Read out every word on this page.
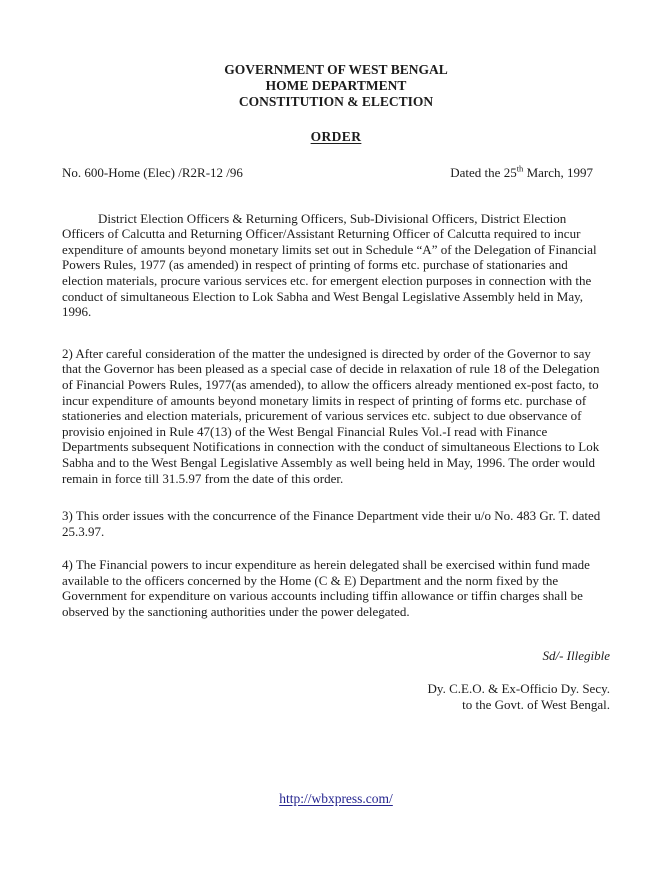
GOVERNMENT OF WEST BENGAL
HOME DEPARTMENT
CONSTITUTION & ELECTION
ORDER
No. 600-Home (Elec) /R2R-12 /96	Dated the 25th March, 1997

District Election Officers & Returning Officers, Sub-Divisional Officers, District Election Officers of Calcutta and Returning Officer/Assistant Returning Officer of Calcutta required to incur expenditure of amounts beyond monetary limits set out in Schedule “A” of the Delegation of Financial Powers Rules, 1977 (as amended) in respect of printing of forms etc. purchase of stationaries and election materials, procure various services etc. for emergent election purposes in connection with the conduct of simultaneous Election to Lok Sabha and West Bengal Legislative Assembly held in May, 1996.

2) After careful consideration of the matter the undesigned is directed by order of the Governor to say that the Governor has been pleased as a special case of decide in relaxation of rule 18 of the Delegation of Financial Powers Rules, 1977(as amended), to allow the officers already mentioned ex-post facto, to incur expenditure of amounts beyond monetary limits in respect of printing of forms etc. purchase of stationeries and election materials, pricurement of various services etc. subject to due observance of provisio enjoined in Rule 47(13) of the West Bengal Financial Rules Vol.-I read with Finance Departments subsequent Notifications in connection with the conduct of simultaneous Elections to Lok Sabha and to the West Bengal Legislative Assembly as well being held in May, 1996. The order would remain in force till 31.5.97 from the date of this order.

3) This order issues with the concurrence of the Finance Department vide their u/o No. 483 Gr. T. dated 25.3.97.

4) The Financial powers to incur expenditure as herein delegated shall be exercised within fund made available to the officers concerned by the Home (C & E) Department and the norm fixed by the Government for expenditure on various accounts including tiffin allowance or tiffin charges shall be observed by the sanctioning authorities under the power delegated.

Sd/- Illegible
Dy. C.E.O. & Ex-Officio Dy. Secy.
to the Govt. of West Bengal.
http://wbxpress.com/
